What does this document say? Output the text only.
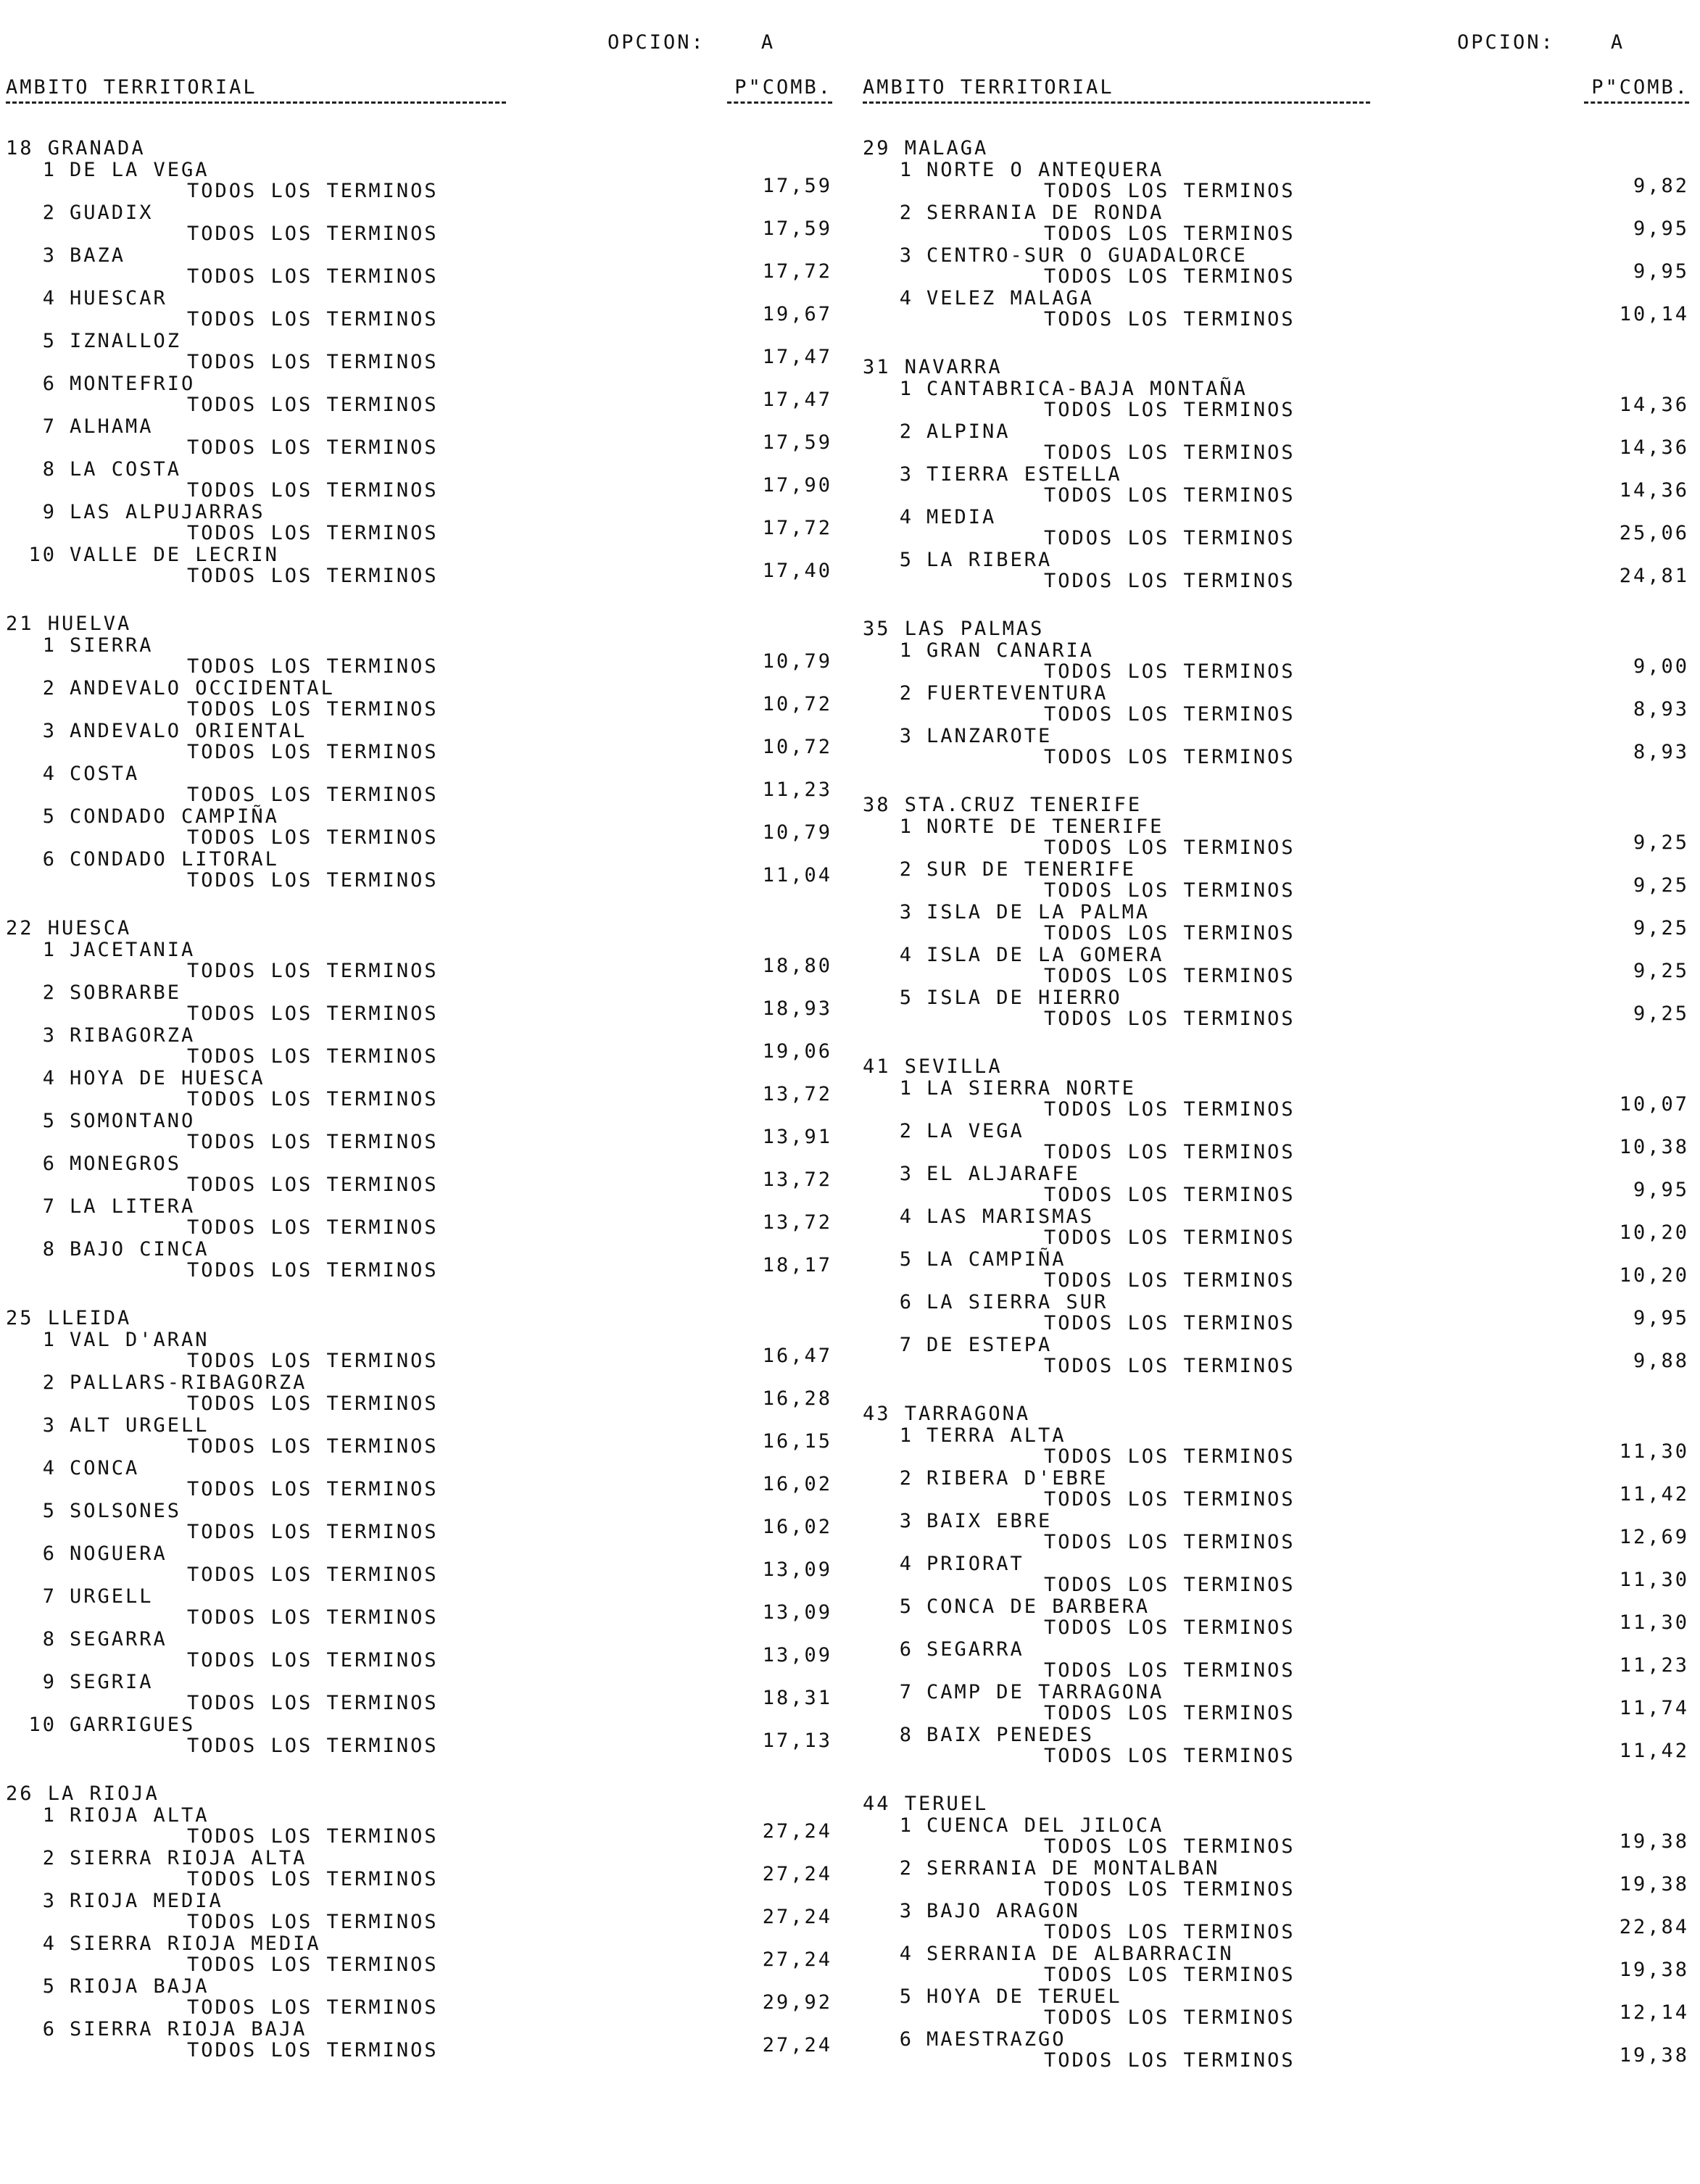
OPCION:	A
AMBITO TERRITORIAL	P"COMB.
18 GRANADA
1 DE LA VEGA
TODOS LOS TERMINOS	17,59
2 GUADIX
TODOS LOS TERMINOS	17,59
3 BAZA
TODOS LOS TERMINOS	17,72
4 HUESCAR
TODOS LOS TERMINOS	19,67
5 IZNALLOZ
TODOS LOS TERMINOS	17,47
6 MONTEFRIO
TODOS LOS TERMINOS	17,47
7 ALHAMA
TODOS LOS TERMINOS	17,59
8 LA COSTA
TODOS LOS TERMINOS	17,90
9 LAS ALPUJARRAS
TODOS LOS TERMINOS	17,72
10 VALLE DE LECRIN
TODOS LOS TERMINOS	17,40
21 HUELVA
1 SIERRA
TODOS LOS TERMINOS	10,79
2 ANDEVALO OCCIDENTAL
TODOS LOS TERMINOS	10,72
3 ANDEVALO ORIENTAL
TODOS LOS TERMINOS	10,72
4 COSTA
TODOS LOS TERMINOS	11,23
5 CONDADO CAMPIÑA
TODOS LOS TERMINOS	10,79
6 CONDADO LITORAL
TODOS LOS TERMINOS	11,04
22 HUESCA
1 JACETANIA
TODOS LOS TERMINOS	18,80
2 SOBRARBE
TODOS LOS TERMINOS	18,93
3 RIBAGORZA
TODOS LOS TERMINOS	19,06
4 HOYA DE HUESCA
TODOS LOS TERMINOS	13,72
5 SOMONTANO
TODOS LOS TERMINOS	13,91
6 MONEGROS
TODOS LOS TERMINOS	13,72
7 LA LITERA
TODOS LOS TERMINOS	13,72
8 BAJO CINCA
TODOS LOS TERMINOS	18,17
25 LLEIDA
1 VAL D'ARAN
TODOS LOS TERMINOS	16,47
2 PALLARS-RIBAGORZA
TODOS LOS TERMINOS	16,28
3 ALT URGELL
TODOS LOS TERMINOS	16,15
4 CONCA
TODOS LOS TERMINOS	16,02
5 SOLSONES
TODOS LOS TERMINOS	16,02
6 NOGUERA
TODOS LOS TERMINOS	13,09
7 URGELL
TODOS LOS TERMINOS	13,09
8 SEGARRA
TODOS LOS TERMINOS	13,09
9 SEGRIA
TODOS LOS TERMINOS	18,31
10 GARRIGUES
TODOS LOS TERMINOS	17,13
26 LA RIOJA
1 RIOJA ALTA
TODOS LOS TERMINOS	27,24
2 SIERRA RIOJA ALTA
TODOS LOS TERMINOS	27,24
3 RIOJA MEDIA
TODOS LOS TERMINOS	27,24
4 SIERRA RIOJA MEDIA
TODOS LOS TERMINOS	27,24
5 RIOJA BAJA
TODOS LOS TERMINOS	29,92
6 SIERRA RIOJA BAJA
TODOS LOS TERMINOS	27,24
OPCION:	A
AMBITO TERRITORIAL	P"COMB.
29 MALAGA
1 NORTE O ANTEQUERA
TODOS LOS TERMINOS	9,82
2 SERRANIA DE RONDA
TODOS LOS TERMINOS	9,95
3 CENTRO-SUR O GUADALORCE
TODOS LOS TERMINOS	9,95
4 VELEZ MALAGA
TODOS LOS TERMINOS	10,14
31 NAVARRA
1 CANTABRICA-BAJA MONTAÑA
TODOS LOS TERMINOS	14,36
2 ALPINA
TODOS LOS TERMINOS	14,36
3 TIERRA ESTELLA
TODOS LOS TERMINOS	14,36
4 MEDIA
TODOS LOS TERMINOS	25,06
5 LA RIBERA
TODOS LOS TERMINOS	24,81
35 LAS PALMAS
1 GRAN CANARIA
TODOS LOS TERMINOS	9,00
2 FUERTEVENTURA
TODOS LOS TERMINOS	8,93
3 LANZAROTE
TODOS LOS TERMINOS	8,93
38 STA.CRUZ TENERIFE
1 NORTE DE TENERIFE
TODOS LOS TERMINOS	9,25
2 SUR DE TENERIFE
TODOS LOS TERMINOS	9,25
3 ISLA DE LA PALMA
TODOS LOS TERMINOS	9,25
4 ISLA DE LA GOMERA
TODOS LOS TERMINOS	9,25
5 ISLA DE HIERRO
TODOS LOS TERMINOS	9,25
41 SEVILLA
1 LA SIERRA NORTE
TODOS LOS TERMINOS	10,07
2 LA VEGA
TODOS LOS TERMINOS	10,38
3 EL ALJARAFE
TODOS LOS TERMINOS	9,95
4 LAS MARISMAS
TODOS LOS TERMINOS	10,20
5 LA CAMPIÑA
TODOS LOS TERMINOS	10,20
6 LA SIERRA SUR
TODOS LOS TERMINOS	9,95
7 DE ESTEPA
TODOS LOS TERMINOS	9,88
43 TARRAGONA
1 TERRA ALTA
TODOS LOS TERMINOS	11,30
2 RIBERA D'EBRE
TODOS LOS TERMINOS	11,42
3 BAIX EBRE
TODOS LOS TERMINOS	12,69
4 PRIORAT
TODOS LOS TERMINOS	11,30
5 CONCA DE BARBERA
TODOS LOS TERMINOS	11,30
6 SEGARRA
TODOS LOS TERMINOS	11,23
7 CAMP DE TARRAGONA
TODOS LOS TERMINOS	11,74
8 BAIX PENEDES
TODOS LOS TERMINOS	11,42
44 TERUEL
1 CUENCA DEL JILOCA
TODOS LOS TERMINOS	19,38
2 SERRANIA DE MONTALBAN
TODOS LOS TERMINOS	19,38
3 BAJO ARAGON
TODOS LOS TERMINOS	22,84
4 SERRANIA DE ALBARRACIN
TODOS LOS TERMINOS	19,38
5 HOYA DE TERUEL
TODOS LOS TERMINOS	12,14
6 MAESTRAZGO
TODOS LOS TERMINOS	19,38
